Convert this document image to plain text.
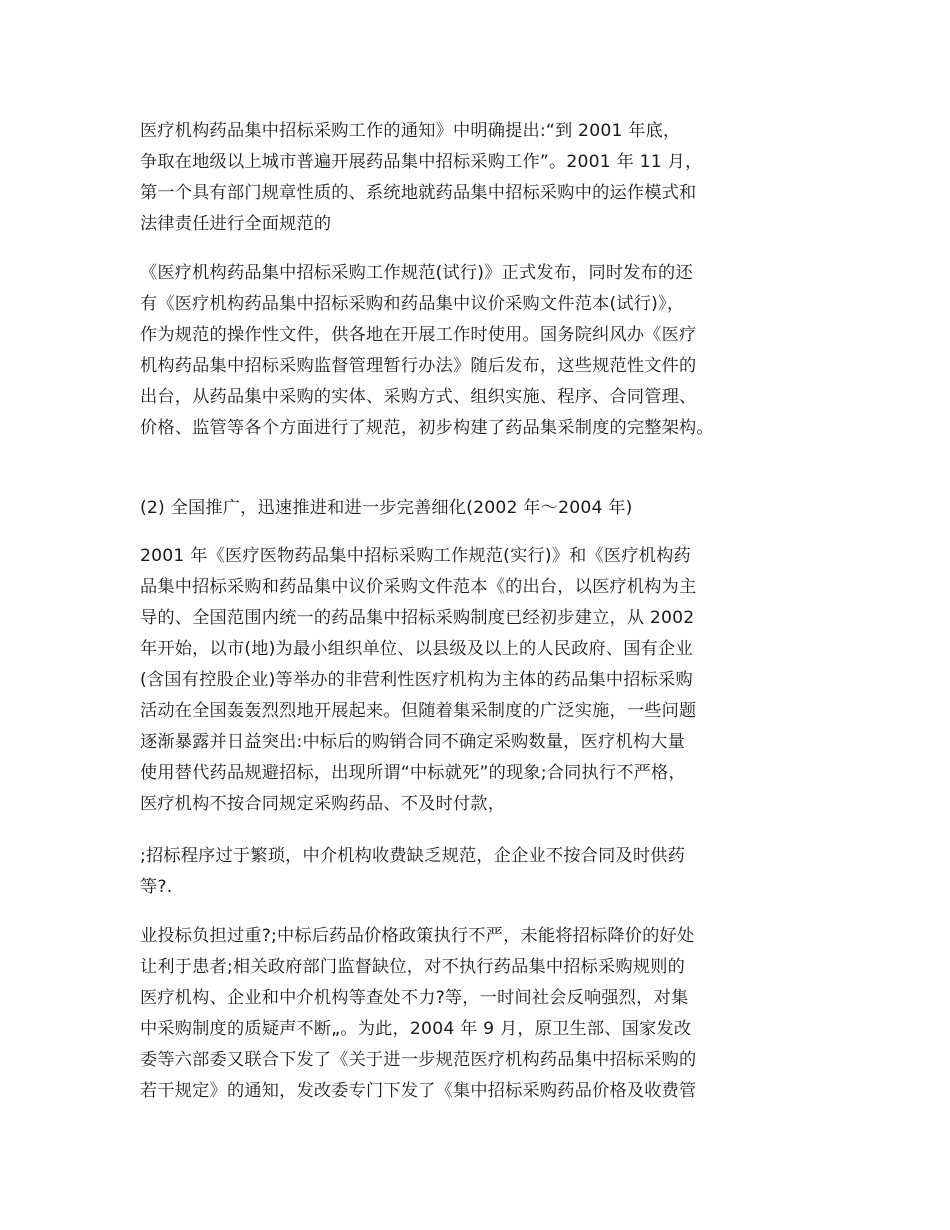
医疗机构药品集中招标采购工作的通知》中明确提出:“到 2001 年底，
争取在地级以上城市普遍开展药品集中招标采购工作”。2001 年 11 月，
第一个具有部门规章性质的、系统地就药品集中招标采购中的运作模式和
法律责任进行全面规范的
《医疗机构药品集中招标采购工作规范(试行)》正式发布，同时发布的还
有《医疗机构药品集中招标采购和药品集中议价采购文件范本(试行)》，
作为规范的操作性文件，供各地在开展工作时使用。国务院纠风办《医疗
机构药品集中招标采购监督管理暂行办法》随后发布，这些规范性文件的
出台，从药品集中采购的实体、采购方式、组织实施、程序、合同管理、
价格、监管等各个方面进行了规范，初步构建了药品集采制度的完整架构。
(2) 全国推广，迅速推进和进一步完善细化(2002 年～2004 年)
2001 年《医疗医物药品集中招标采购工作规范(实行)》和《医疗机构药
品集中招标采购和药品集中议价采购文件范本《的出台，以医疗机构为主
导的、全国范围内统一的药品集中招标采购制度已经初步建立，从 2002
年开始，以市(地)为最小组织单位、以县级及以上的人民政府、国有企业
(含国有控股企业)等举办的非营利性医疗机构为主体的药品集中招标采购
活动在全国轰轰烈烈地开展起来。但随着集采制度的广泛实施，一些问题
逐渐暴露并日益突出:中标后的购销合同不确定采购数量，医疗机构大量
使用替代药品规避招标，出现所谓“中标就死”的现象;合同执行不严格，
医疗机构不按合同规定采购药品、不及时付款，
;招标程序过于繁琐，中介机构收费缺乏规范，企企业不按合同及时供药
等?.
业投标负担过重?;中标后药品价格政策执行不严，未能将招标降价的好处
让利于患者;相关政府部门监督缺位，对不执行药品集中招标采购规则的
医疗机构、企业和中介机构等查处不力?等，一时间社会反响强烈，对集
中采购制度的质疑声不断„。为此，2004 年 9 月，原卫生部、国家发改
委等六部委又联合下发了《关于进一步规范医疗机构药品集中招标采购的
若干规定》的通知，发改委专门下发了《集中招标采购药品价格及收费管
